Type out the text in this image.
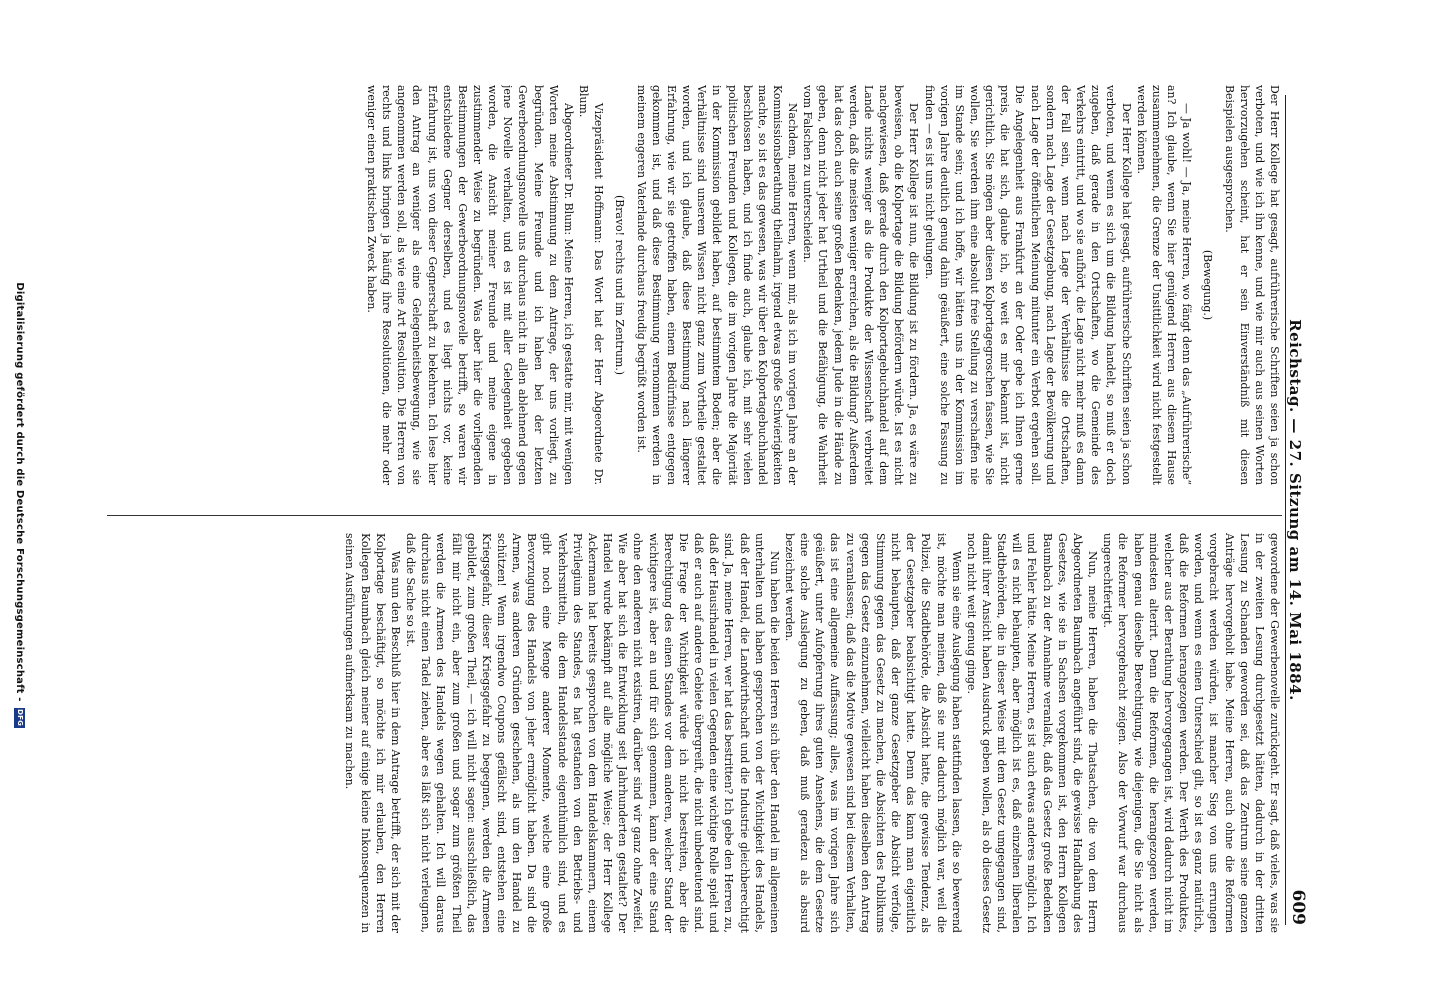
Reichstag. — 27. Sitzung am 14. Mai 1884.
609

Der Herr Kollege hat gesagt, aufrührerische Schriften seien ja schon verboten, und wie ich ihn kenne, und wie mir auch aus seinen Worten hervorzugehen scheint, hat er sein Einverständniß mit diesen Beispielen ausgesprochen.

(Bewegung.)

— Ja wohl! — Ja, meine Herren, wo fängt denn das „Aufrührerische“ an? Ich glaube, wenn Sie hier genügend Herren aus diesem Hause zusammennehmen, die Grenze der Unsittlichkeit wird nicht festgestellt werden können.

Der Herr Kollege hat gesagt, aufrührerische Schriften seien ja schon verboten, und wenn es sich um die Bildung handelt, so muß er doch zugeben, daß gerade in den Ortschaften, wo die Gemeinde des Verkehrs eintritt, und wo sie aufhört, die Lage nicht mehr muß es dann der Fall sein, wenn nach Lage der Verhältnisse die Ortschaften, sondern nach Lage der Gesetzgebung, nach Lage der Bevölkerung und nach Lage der öffentlichen Meinung mitunter ein Verbot ergehen soll. Die Angelegenheit aus Frankfurt an der Oder gebe ich Ihnen gerne preis, die hat sich, glaube ich, so weit es mir bekannt ist, nicht gerichtlich. Sie mögen aber diesen Kolportagegroschen fassen, wie Sie wollen, Sie werden ihm eine absolut freie Stellung zu verschaffen nie im Stande sein; und ich hoffe, wir hätten uns in der Kommission im vorigen Jahre deutlich genug dahin geäußert, eine solche Fassung zu finden — es ist uns nicht gelungen.

Der Herr Kollege ist nun, die Bildung ist zu fördern. Ja, es wäre zu beweisen, ob die Kolportage die Bildung befördern würde. Ist es nicht nachgewiesen, daß gerade durch den Kolportagebuchhandel auf dem Lande nichts weniger als die Produkte der Wissenschaft verbreitet werden, daß die meisten weniger erreichen, als die Bildung? Außerdem hat das doch auch seine großen Bedenken, jedem Jude in die Hände zu geben, denn nicht jeder hat Urtheil und die Befähigung, die Wahrheit vom Falschen zu unterscheiden.

Nachdem, meine Herren, wenn mir, als ich im vorigen Jahre an der Kommissionsberathung theilnahm, irgend etwas große Schwierigkeiten machte, so ist es das gewesen, was wir über den Kolportagebuchhandel beschlossen haben, und ich finde auch, glaube ich, mit sehr vielen politischen Freunden und Kollegen, die im vorigen Jahre die Majorität in der Kommission gebildet haben, auf bestimmtem Boden; aber die Verhältnisse sind unserem Wissen nicht ganz zum Vortheile gestaltet worden, und ich glaube, daß diese Bestimmung nach längerer Erfahrung, wie wir sie getroffen haben, einem Bedürfnisse entgegen gekommen ist, und daß diese Bestimmung vernommen werden in meinem engeren Vaterlande durchaus freudig begrüßt worden ist.

(Bravo! rechts und im Zentrum.)

Vizepräsident Hoffmann: Das Wort hat der Herr Abgeordnete Dr. Blum.

Abgeordneter Dr. Blum: Meine Herren, ich gestatte mir, mit wenigen Worten meine Abstimmung zu dem Antrage, der uns vorliegt, zu begründen. Meine Freunde und ich haben bei der letzten Gewerbeordnungsnovelle uns durchaus nicht in allen ablehnend gegen jene Novelle verhalten, und es ist mit aller Gelegenheit gegeben worden, die Ansicht meiner Freunde und meine eigene in zustimmender Weise zu begründen. Was aber hier die vorliegenden Bestimmungen der Gewerbeordnungsnovelle betrifft, so waren wir entschiedene Gegner derselben, und es liegt nichts vor, keine Erfahrung ist, uns von dieser Gegnerschaft zu bekehren. Ich lese hier den Antrag an weniger als eine Gelegenheitsbewegung, wie sie angenommen werden soll, als wie eine Art Resolution. Die Herren von rechts und links bringen ja häufig ihre Resolutionen, die mehr oder weniger einen praktischen Zweck haben.

gewordene der Gewerbenovelle zurückgeht. Er sagt, daß vieles, was sie in der zweiten Lesung durchgesetzt hätten, dadurch in der dritten Lesung zu Schanden geworden sei, daß das Zentrum seine ganzen Anträge hervorgeholt habe. Meine Herren, auch ohne die Reformen vorgebracht werden würden, ist mancher Sieg von uns errungen worden, und wenn es einen Unterschied gilt, so ist es ganz natürlich, daß die Reformen herangezogen werden. Der Werth des Produktes, welcher aus der Berathung hervorgegangen ist, wird dadurch nicht im mindesten alterirt. Denn die Reformen, die herangezogen werden, haben genau dieselbe Berechtigung, wie diejenigen, die Sie nicht als die Reformer hervorgebracht zeigen. Also der Vorwurf war durchaus ungerechtfertigt.

Nun, meine Herren, haben die Thatsachen, die von dem Herrn Abgeordneten Baumbach angeführt sind, die gewisse Handhabung des Gesetzes, wie sie in Sachsen vorgekommen ist, den Herrn Kollegen Baumbach zu der Annahme veranlaßt, daß das Gesetz große Bedenken und Fehler hätte. Meine Herren, es ist auch etwas anderes möglich. Ich will es nicht behaupten, aber möglich ist es, daß einzelnen liberalen Stadtbehörden, die in dieser Weise mit dem Gesetz umgegangen sind, damit ihrer Ansicht haben Ausdruck geben wollen, als ob dieses Gesetz noch nicht weit genug ginge.

Wenn sie eine Auslegung haben stattfinden lassen, die so bewerend ist, möchte man meinen, daß sie nur dadurch möglich war, weil die Polizei, die Stadtbehörde, die Absicht hatte, die gewisse Tendenz, als der Gesetzgeber beabsichtigt hatte. Denn das kann man eigentlich nicht behaupten, daß der ganze Gesetzgeber die Absicht verfolge, Stimmung gegen das Gesetz zu machen, die Absichten des Publikums gegen das Gesetz einzunehmen, vielleicht haben dieselben den Antrag zu veranlassen; daß das die Motive gewesen sind bei diesem Verhalten, das ist eine allgemeine Auffassung; alles, was im vorigen Jahre sich geäußert, unter Aufopferung ihres guten Ansehens, die dem Gesetze eine solche Auslegung zu geben, daß muß geradezu als absurd bezeichnet werden.

Nun haben die beiden Herren sich über den Handel im allgemeinen unterhalten und haben gesprochen von der Wichtigkeit des Handels, daß der Handel, die Landwirthschaft und die Industrie gleichberechtigt sind. Ja, meine Herren, wer hat das bestritten? Ich gebe den Herren zu, daß der Hausirhandel in vielen Gegenden eine wichtige Rolle spielt und daß er auch auf andere Gebiete übergreift, die nicht unbedeutend sind. Die Frage der Wichtigkeit würde ich nicht bestreiten, aber die Berechtigung des einen Standes vor dem anderen, welcher Stand der wichtigere ist, aber an und für sich genommen, kann der eine Stand ohne den anderen nicht existiren, darüber sind wir ganz ohne Zweifel. Wie aber hat sich die Entwicklung seit Jahrhunderten gestaltet? Der Handel wurde bekämpft auf alle mögliche Weise; der Herr Kollege Ackermann hat bereits gesprochen von dem Handelskammern, einem Privilegium des Standes, es hat gestanden von den Betriebs- und Verkehrsmitteln, die dem Handelsstande eigenthümlich sind, und es gibt noch eine Menge anderer Momente, welche eine große Bevorzugung des Handels von jeher ermöglicht haben. Da sind die Armen, was anderen Gründen geschehen, als um den Handel zu schützen! Wenn irgendwo Coupons gefälscht sind, entstehen eine Kriegsgefahr, dieser Kriegsgefahr zu begegnen, werden die Armeen gebildet, zum großen Theil, — ich will nicht sagen: ausschließlich, das fällt mir nicht ein, aber zum großen und sogar zum größten Theil werden die Armeen des Handels wegen gehalten. Ich will daraus durchaus nicht einen Tadel ziehen, aber es läßt sich nicht verleugnen, daß die Sache so ist.

Was nun den Beschluß hier in dem Antrage betrifft, der sich mit der Kolportage beschäftigt, so möchte ich mir erlauben, den Herren Kollegen Baumbach gleich meiner auf einige kleine Inkonsequenzen in seinen Ausführungen aufmerksam zu machen.

Digitalisierung gefördert durch die Deutsche Forschungsgemeinschaft -
DFG
